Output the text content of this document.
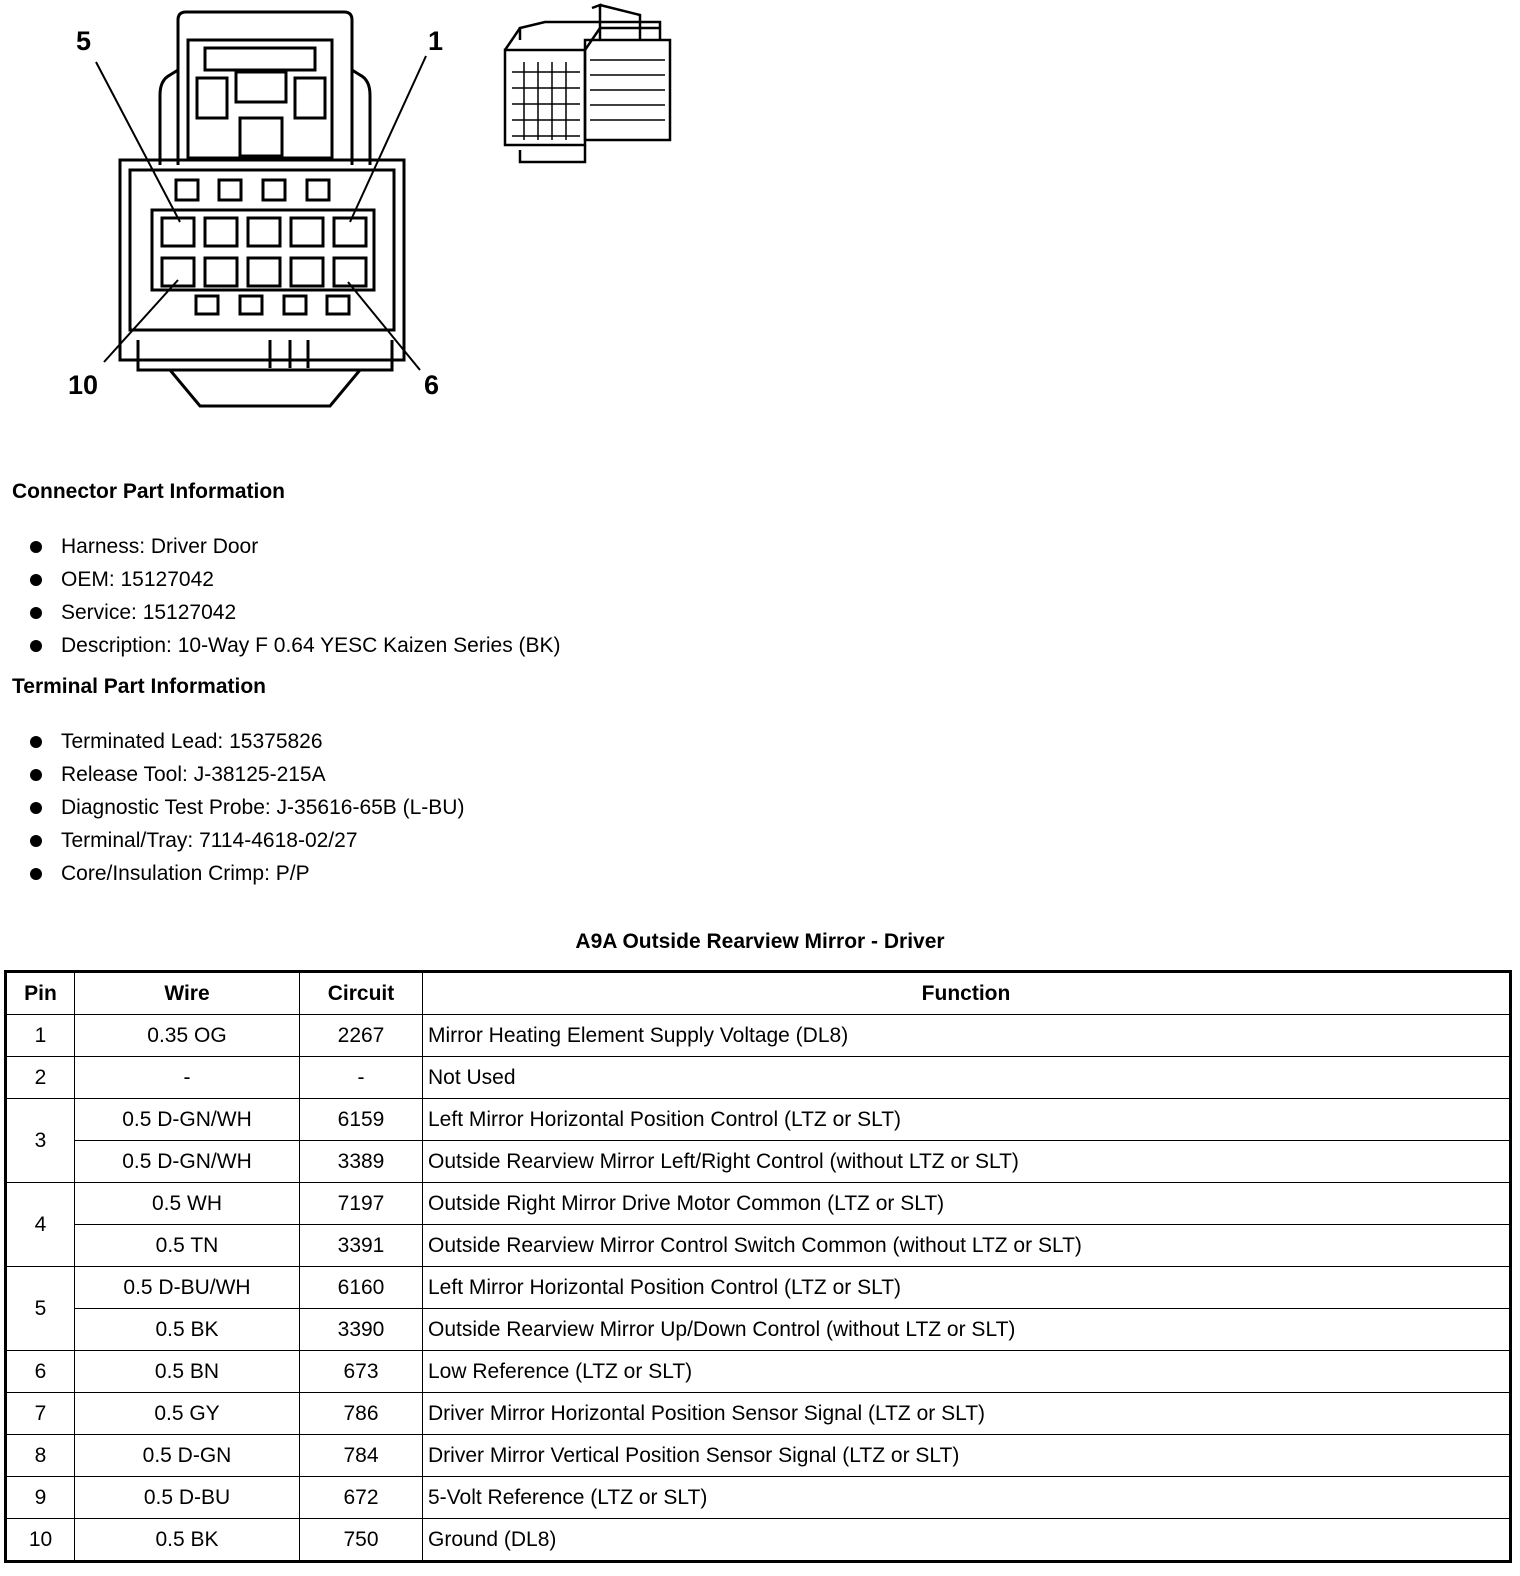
5	1
10	6
Connector Part Information
Harness: Driver Door
OEM: 15127042
Service: 15127042
Description: 10-Way F 0.64 YESC Kaizen Series (BK)
Terminal Part Information
Terminated Lead: 15375826
Release Tool: J-38125-215A
Diagnostic Test Probe: J-35616-65B (L-BU)
Terminal/Tray: 7114-4618-02/27
Core/Insulation Crimp: P/P
A9A Outside Rearview Mirror - Driver
Pin	Wire	Circuit	Function
1	0.35 OG	2267	Mirror Heating Element Supply Voltage (DL8)
2	-	-	Not Used
3	0.5 D-GN/WH	6159	Left Mirror Horizontal Position Control (LTZ or SLT)
	0.5 D-GN/WH	3389	Outside Rearview Mirror Left/Right Control (without LTZ or SLT)
4	0.5 WH	7197	Outside Right Mirror Drive Motor Common (LTZ or SLT)
	0.5 TN	3391	Outside Rearview Mirror Control Switch Common (without LTZ or SLT)
5	0.5 D-BU/WH	6160	Left Mirror Horizontal Position Control (LTZ or SLT)
	0.5 BK	3390	Outside Rearview Mirror Up/Down Control (without LTZ or SLT)
6	0.5 BN	673	Low Reference (LTZ or SLT)
7	0.5 GY	786	Driver Mirror Horizontal Position Sensor Signal (LTZ or SLT)
8	0.5 D-GN	784	Driver Mirror Vertical Position Sensor Signal (LTZ or SLT)
9	0.5 D-BU	672	5-Volt Reference (LTZ or SLT)
10	0.5 BK	750	Ground (DL8)
